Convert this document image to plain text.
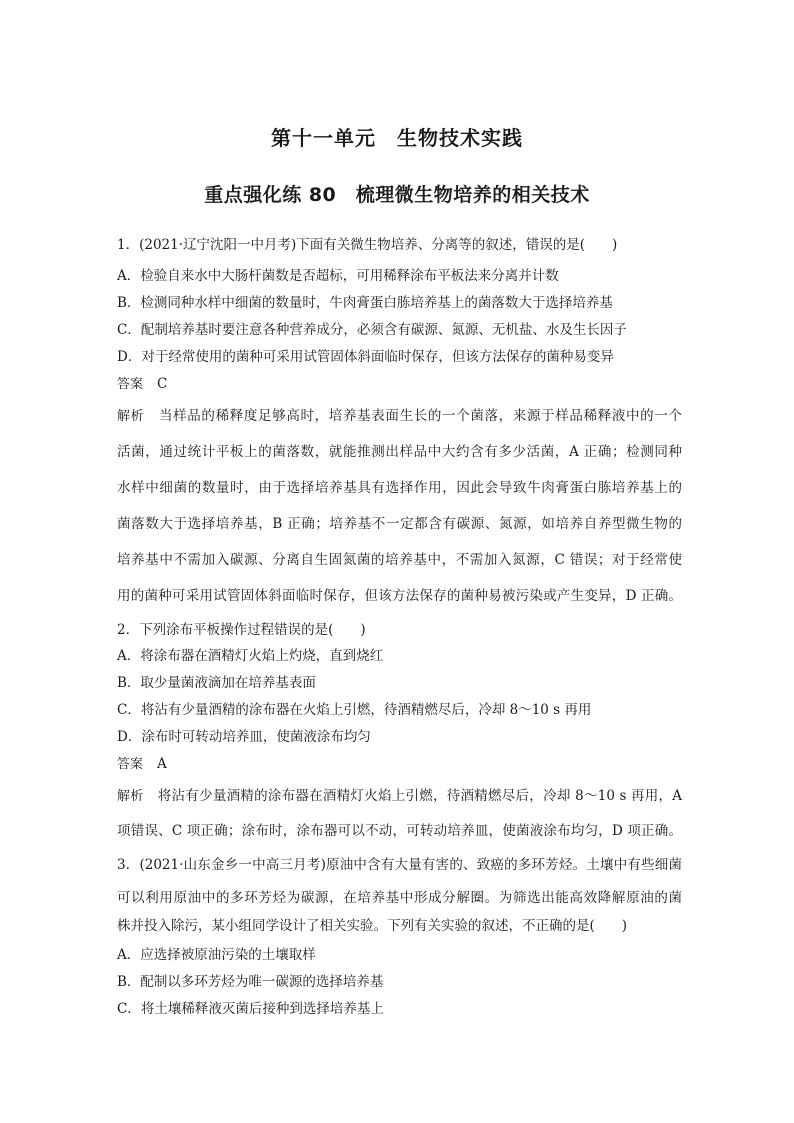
第十一单元　生物技术实践
重点强化练 80　梳理微生物培养的相关技术
1．(2021·辽宁沈阳一中月考)下面有关微生物培养、分离等的叙述，错误的是(　　)
A．检验自来水中大肠杆菌数是否超标，可用稀释涂布平板法来分离并计数
B．检测同种水样中细菌的数量时，牛肉膏蛋白胨培养基上的菌落数大于选择培养基
C．配制培养基时要注意各种营养成分，必须含有碳源、氮源、无机盐、水及生长因子
D．对于经常使用的菌种可采用试管固体斜面临时保存，但该方法保存的菌种易变异
答案 C
解析 当样品的稀释度足够高时，培养基表面生长的一个菌落，来源于样品稀释液中的一个
活菌，通过统计平板上的菌落数，就能推测出样品中大约含有多少活菌，A 正确；检测同种
水样中细菌的数量时，由于选择培养基具有选择作用，因此会导致牛肉膏蛋白胨培养基上的
菌落数大于选择培养基，B 正确；培养基不一定都含有碳源、氮源，如培养自养型微生物的
培养基中不需加入碳源、分离自生固氮菌的培养基中，不需加入氮源，C 错误；对于经常使
用的菌种可采用试管固体斜面临时保存，但该方法保存的菌种易被污染或产生变异，D 正确。
2．下列涂布平板操作过程错误的是(　　)
A．将涂布器在酒精灯火焰上灼烧，直到烧红
B．取少量菌液滴加在培养基表面
C．将沾有少量酒精的涂布器在火焰上引燃，待酒精燃尽后，冷却 8～10 s 再用
D．涂布时可转动培养皿，使菌液涂布均匀
答案 A
解析 将沾有少量酒精的涂布器在酒精灯火焰上引燃，待酒精燃尽后，冷却 8～10 s 再用，A
项错误、C 项正确；涂布时，涂布器可以不动，可转动培养皿，使菌液涂布均匀，D 项正确。
3．(2021·山东金乡一中高三月考)原油中含有大量有害的、致癌的多环芳烃。土壤中有些细菌
可以利用原油中的多环芳烃为碳源，在培养基中形成分解圈。为筛选出能高效降解原油的菌
株并投入除污，某小组同学设计了相关实验。下列有关实验的叙述，不正确的是(　　)
A．应选择被原油污染的土壤取样
B．配制以多环芳烃为唯一碳源的选择培养基
C．将土壤稀释液灭菌后接种到选择培养基上
